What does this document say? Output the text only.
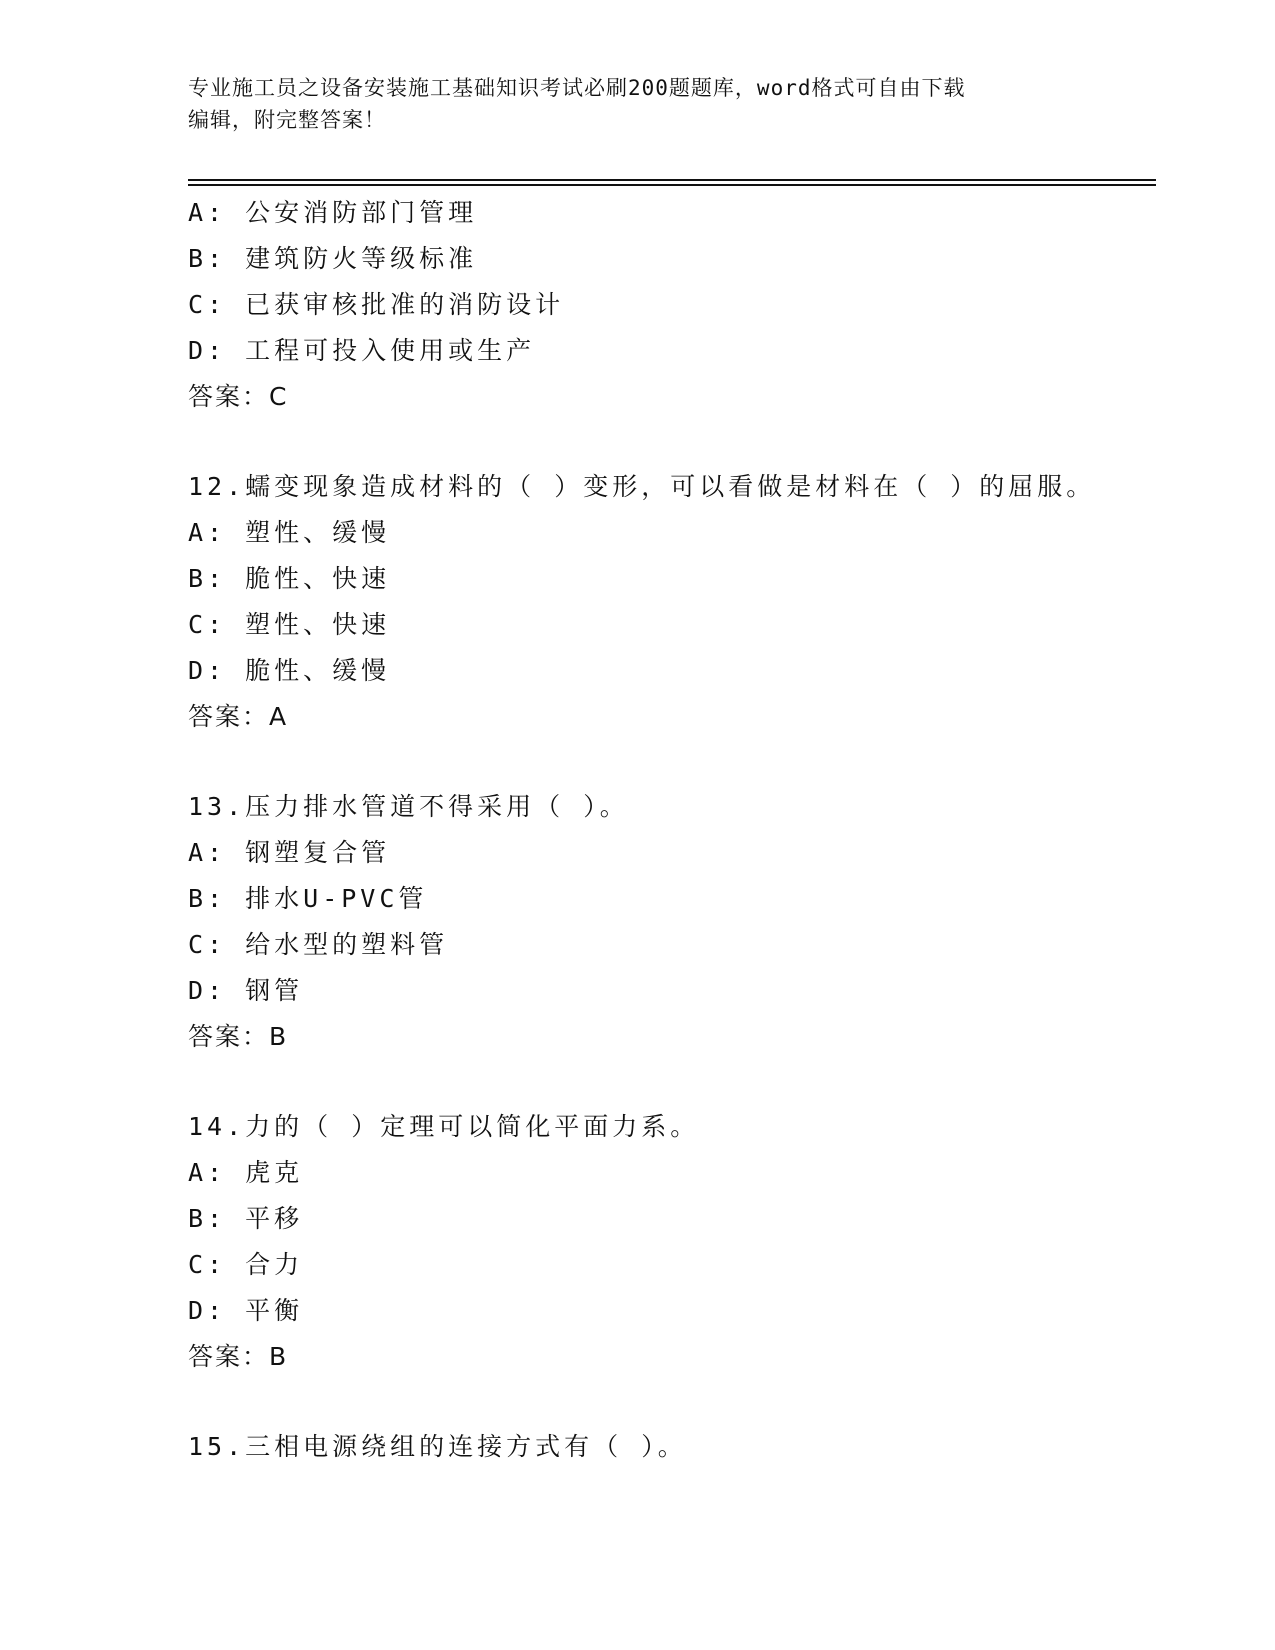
专业施工员之设备安装施工基础知识考试必刷200题题库，word格式可自由下载
编辑，附完整答案！
A: 公安消防部门管理
B: 建筑防火等级标准
C: 已获审核批准的消防设计
D: 工程可投入使用或生产
答案：C
12.蠕变现象造成材料的（ ）变形，可以看做是材料在（ ）的屈服。
A: 塑性、缓慢
B: 脆性、快速
C: 塑性、快速
D: 脆性、缓慢
答案：A
13.压力排水管道不得采用（ ）。
A: 钢塑复合管
B: 排水U-PVC管
C: 给水型的塑料管
D: 钢管
答案：B
14.力的（ ）定理可以简化平面力系。
A: 虎克
B: 平移
C: 合力
D: 平衡
答案：B
15.三相电源绕组的连接方式有（ ）。
